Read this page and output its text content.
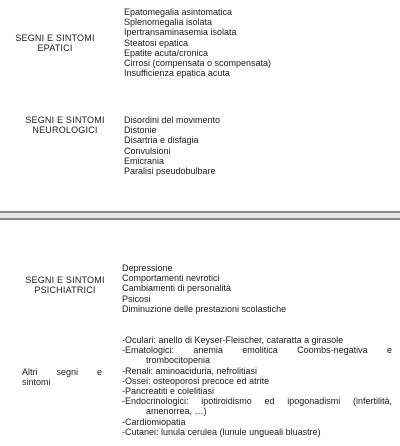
SEGNI E SINTOMI
EPATICI
Epatomegalia asintomatica
Splenomegalia isolata
Ipertransaminasemia isolata
Steatosi epatica
Epatite acuta/cronica
Cirrosi (compensata o scompensata)
Insufficienza epatica acuta
SEGNI E SINTOMI
NEUROLOGICI
Disordini del movimento
Distonie
Disartria e disfagia
Convulsioni
Emicrania
Paralisi pseudobulbare
SEGNI E SINTOMI
PSICHIATRICI
Depressione
Comportamenti nevrotici
Cambiamenti di personalità
Psicosi
Diminuzione delle prestazioni scolastiche
Altri segni e
sintomi
-Oculari: anello di Keyser-Fleischer, cataratta a girasole
-Ematologici: anemia emolitica Coombs-negativa e
trombocitopenia
-Renali: aminoaciduria, nefrolitiasi
-Ossei: osteoporosi precoce ed atrite
-Pancreatiti e colelitiasi
-Endocrinologici: ipotiroidismo ed ipogonadismi (infertilità,
amenorrea, …)
-Cardiomiopatia
-Cutanei: lunula cerulea (lunule ungueali bluastre)
